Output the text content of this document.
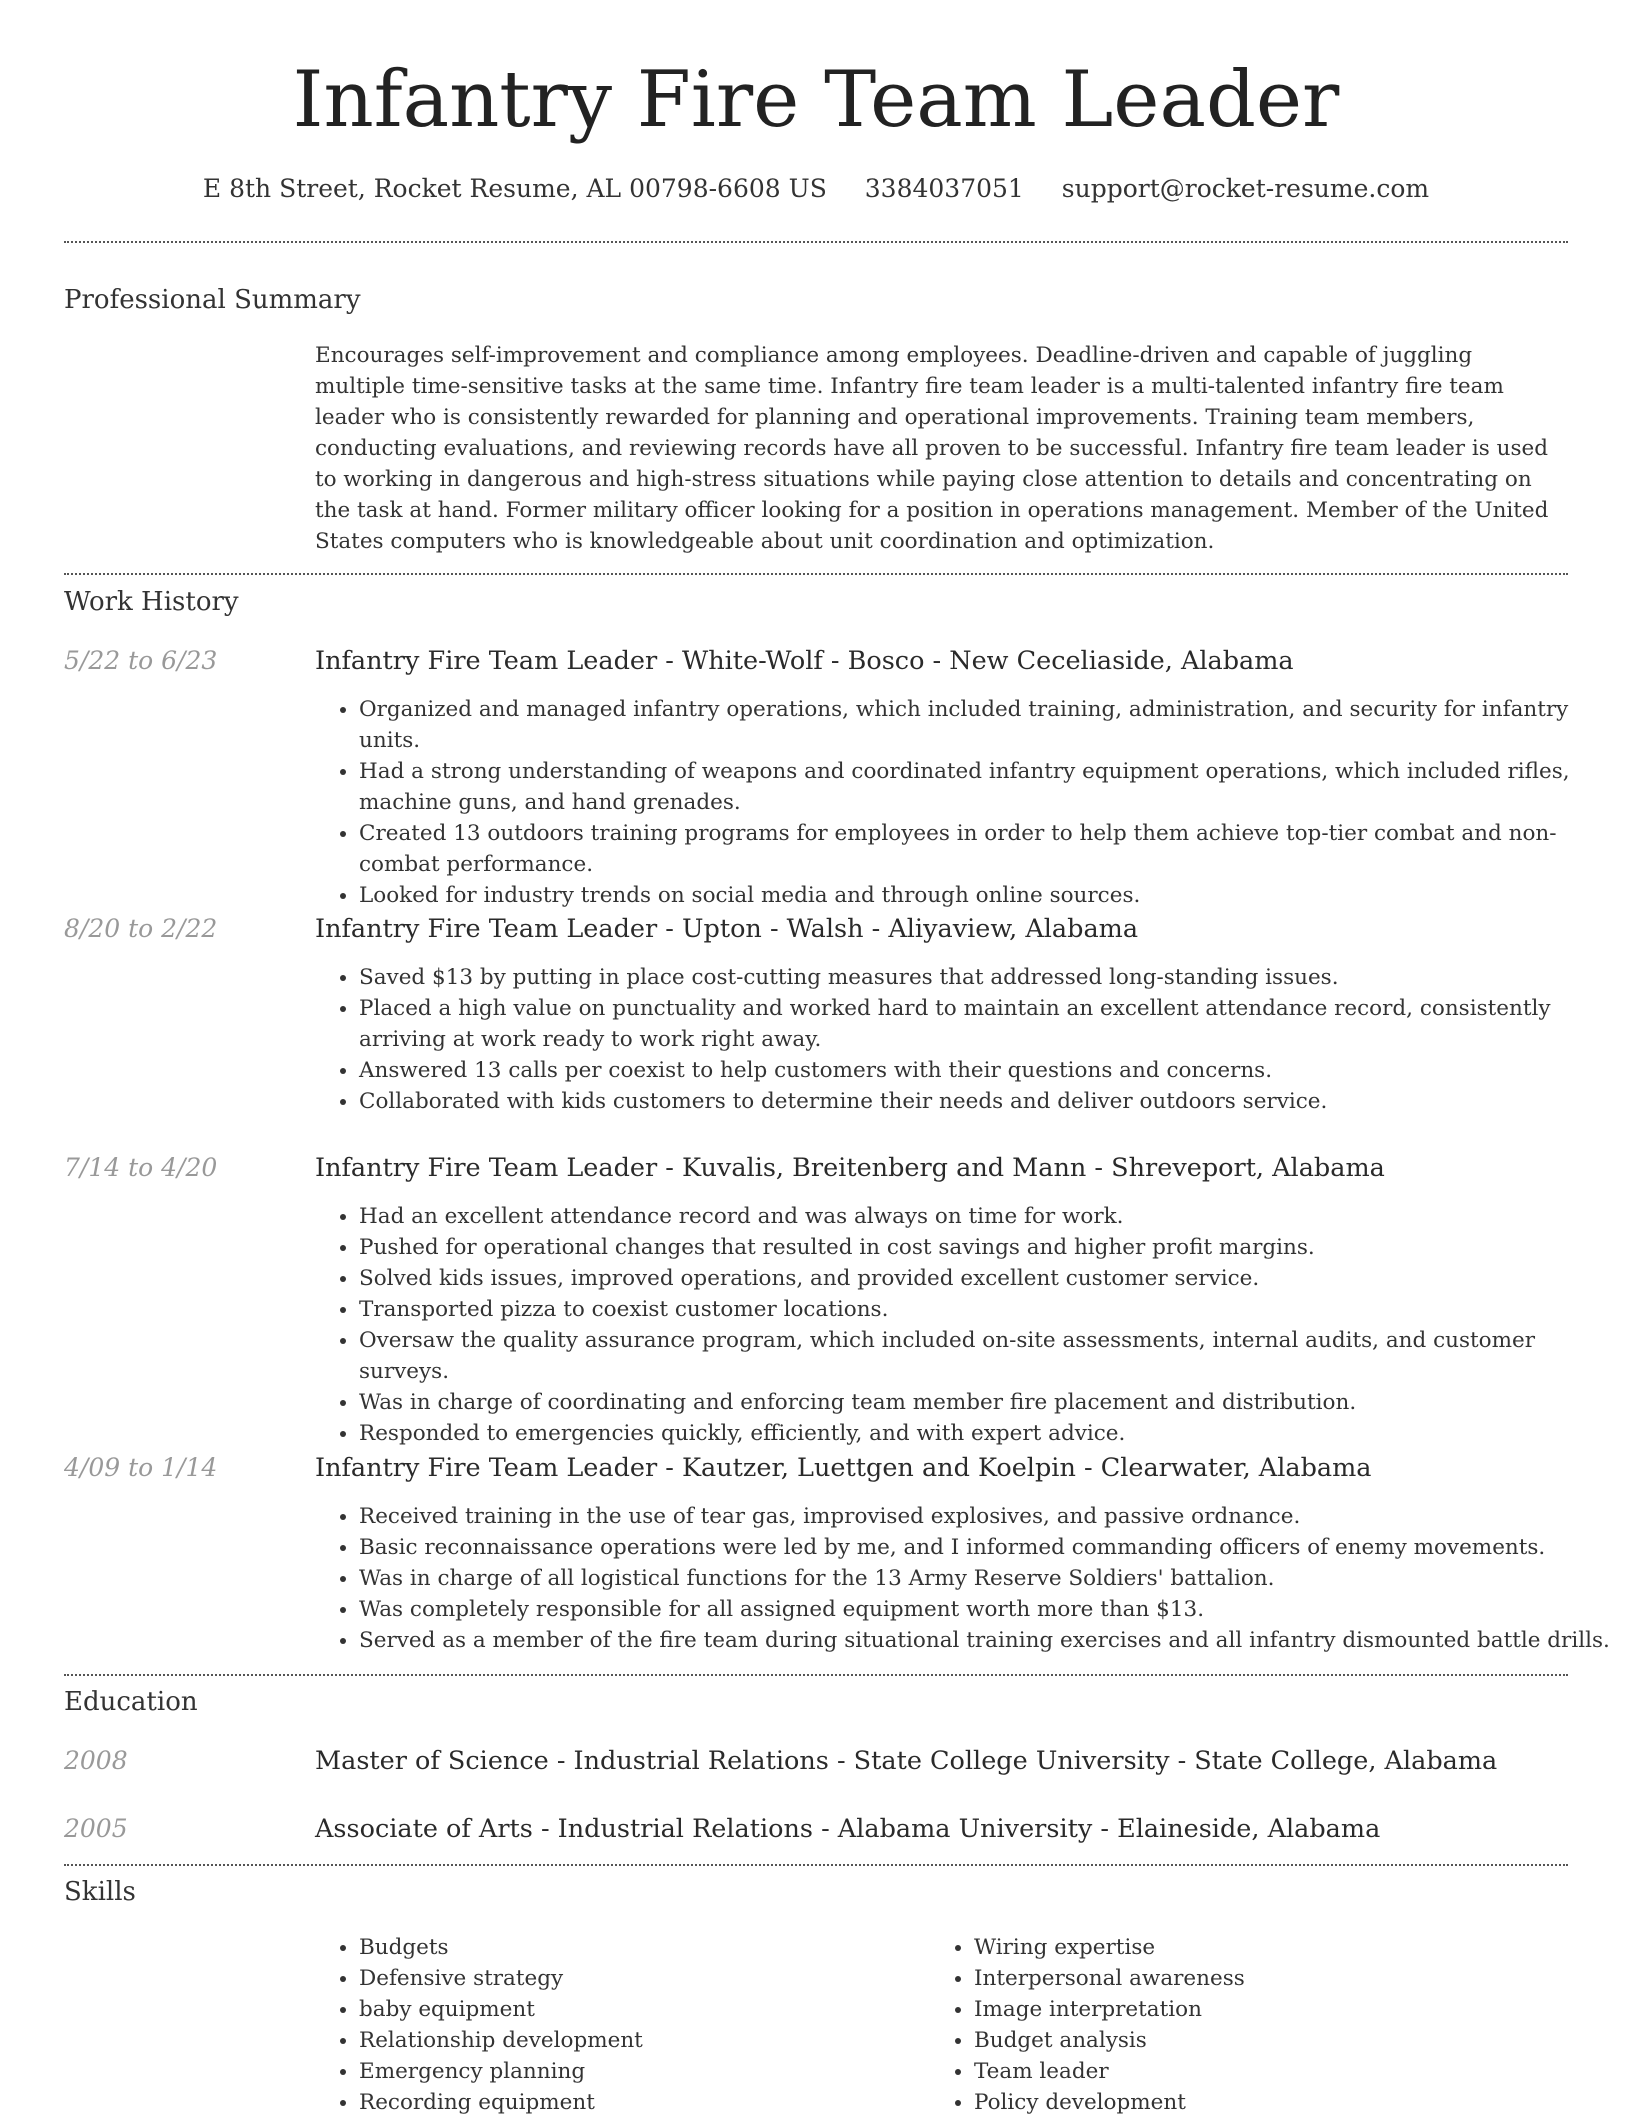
Infantry Fire Team Leader
E 8th Street, Rocket Resume, AL 00798-6608 US 3384037051 support@rocket-resume.com
Professional Summary
Encourages self-improvement and compliance among employees. Deadline-driven and capable of juggling multiple time-sensitive tasks at the same time. Infantry fire team leader is a multi-talented infantry fire team leader who is consistently rewarded for planning and operational improvements. Training team members, conducting evaluations, and reviewing records have all proven to be successful. Infantry fire team leader is used to working in dangerous and high-stress situations while paying close attention to details and concentrating on the task at hand. Former military officer looking for a position in operations management. Member of the United States computers who is knowledgeable about unit coordination and optimization.
Work History
5/22 to 6/23	Infantry Fire Team Leader - White-Wolf - Bosco - New Ceceliaside, Alabama
• Organized and managed infantry operations, which included training, administration, and security for infantry units.
• Had a strong understanding of weapons and coordinated infantry equipment operations, which included rifles, machine guns, and hand grenades.
• Created 13 outdoors training programs for employees in order to help them achieve top-tier combat and non-combat performance.
• Looked for industry trends on social media and through online sources.
8/20 to 2/22	Infantry Fire Team Leader - Upton - Walsh - Aliyaview, Alabama
• Saved $13 by putting in place cost-cutting measures that addressed long-standing issues.
• Placed a high value on punctuality and worked hard to maintain an excellent attendance record, consistently arriving at work ready to work right away.
• Answered 13 calls per coexist to help customers with their questions and concerns.
• Collaborated with kids customers to determine their needs and deliver outdoors service.
7/14 to 4/20	Infantry Fire Team Leader - Kuvalis, Breitenberg and Mann - Shreveport, Alabama
• Had an excellent attendance record and was always on time for work.
• Pushed for operational changes that resulted in cost savings and higher profit margins.
• Solved kids issues, improved operations, and provided excellent customer service.
• Transported pizza to coexist customer locations.
• Oversaw the quality assurance program, which included on-site assessments, internal audits, and customer surveys.
• Was in charge of coordinating and enforcing team member fire placement and distribution.
• Responded to emergencies quickly, efficiently, and with expert advice.
4/09 to 1/14	Infantry Fire Team Leader - Kautzer, Luettgen and Koelpin - Clearwater, Alabama
• Received training in the use of tear gas, improvised explosives, and passive ordnance.
• Basic reconnaissance operations were led by me, and I informed commanding officers of enemy movements.
• Was in charge of all logistical functions for the 13 Army Reserve Soldiers' battalion.
• Was completely responsible for all assigned equipment worth more than $13.
• Served as a member of the fire team during situational training exercises and all infantry dismounted battle drills.
Education
2008	Master of Science - Industrial Relations - State College University - State College, Alabama
2005	Associate of Arts - Industrial Relations - Alabama University - Elaineside, Alabama
Skills
• Budgets
• Defensive strategy
• baby equipment
• Relationship development
• Emergency planning
• Recording equipment
• Wiring expertise
• Interpersonal awareness
• Image interpretation
• Budget analysis
• Team leader
• Policy development
